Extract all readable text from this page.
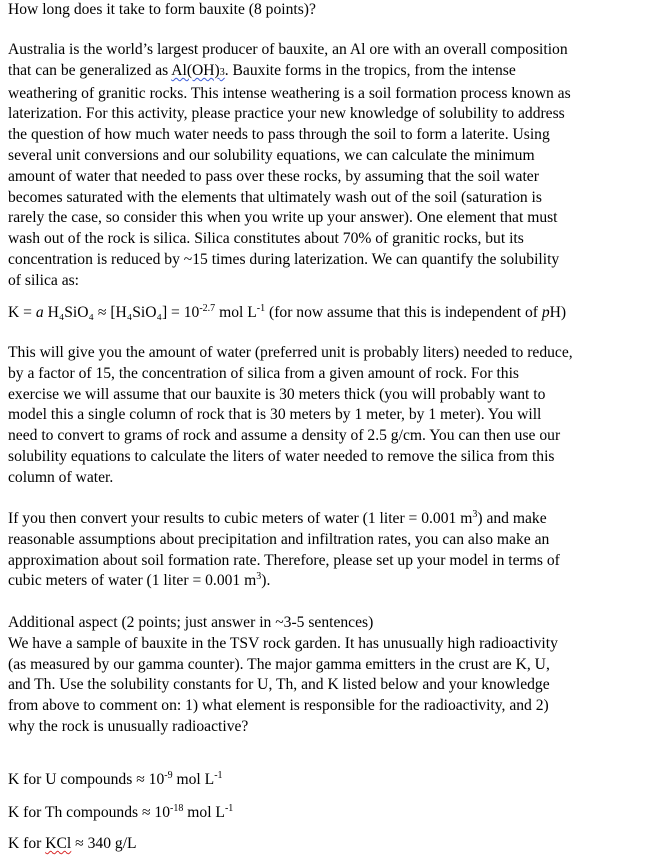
How long does it take to form bauxite (8 points)?
Australia is the world’s largest producer of bauxite, an Al ore with an overall composition
that can be generalized as Al(OH)3. Bauxite forms in the tropics, from the intense
weathering of granitic rocks. This intense weathering is a soil formation process known as
laterization. For this activity, please practice your new knowledge of solubility to address
the question of how much water needs to pass through the soil to form a laterite. Using
several unit conversions and our solubility equations, we can calculate the minimum
amount of water that needed to pass over these rocks, by assuming that the soil water
becomes saturated with the elements that ultimately wash out of the soil (saturation is
rarely the case, so consider this when you write up your answer). One element that must
wash out of the rock is silica. Silica constitutes about 70% of granitic rocks, but its
concentration is reduced by ~15 times during laterization. We can quantify the solubility
of silica as:
K = a $H_4SiO_4 \approx [H_4SiO_4] = 10^{-2.7}$ mol $L^{-1}$ (for now assume that this is independent of pH)
This will give you the amount of water (preferred unit is probably liters) needed to reduce,
by a factor of 15, the concentration of silica from a given amount of rock. For this
exercise we will assume that our bauxite is 30 meters thick (you will probably want to
model this a single column of rock that is 30 meters by 1 meter, by 1 meter). You will
need to convert to grams of rock and assume a density of 2.5 g/cm. You can then use our
solubility equations to calculate the liters of water needed to remove the silica from this
column of water.
If you then convert your results to cubic meters of water (1 liter = 0.001 $m^3$) and make
reasonable assumptions about precipitation and infiltration rates, you can also make an
approximation about soil formation rate. Therefore, please set up your model in terms of
cubic meters of water (1 liter = 0.001 $m^3$).
Additional aspect (2 points; just answer in ~3-5 sentences)
We have a sample of bauxite in the TSV rock garden. It has unusually high radioactivity
(as measured by our gamma counter). The major gamma emitters in the crust are K, U,
and Th. Use the solubility constants for U, Th, and K listed below and your knowledge
from above to comment on: 1) what element is responsible for the radioactivity, and 2)
why the rock is unusually radioactive?
K for U compounds ≈ $10^{-9}$ mol $L^{-1}$
K for Th compounds ≈ $10^{-18}$ mol $L^{-1}$
K for KCl ≈ 340 g/L
